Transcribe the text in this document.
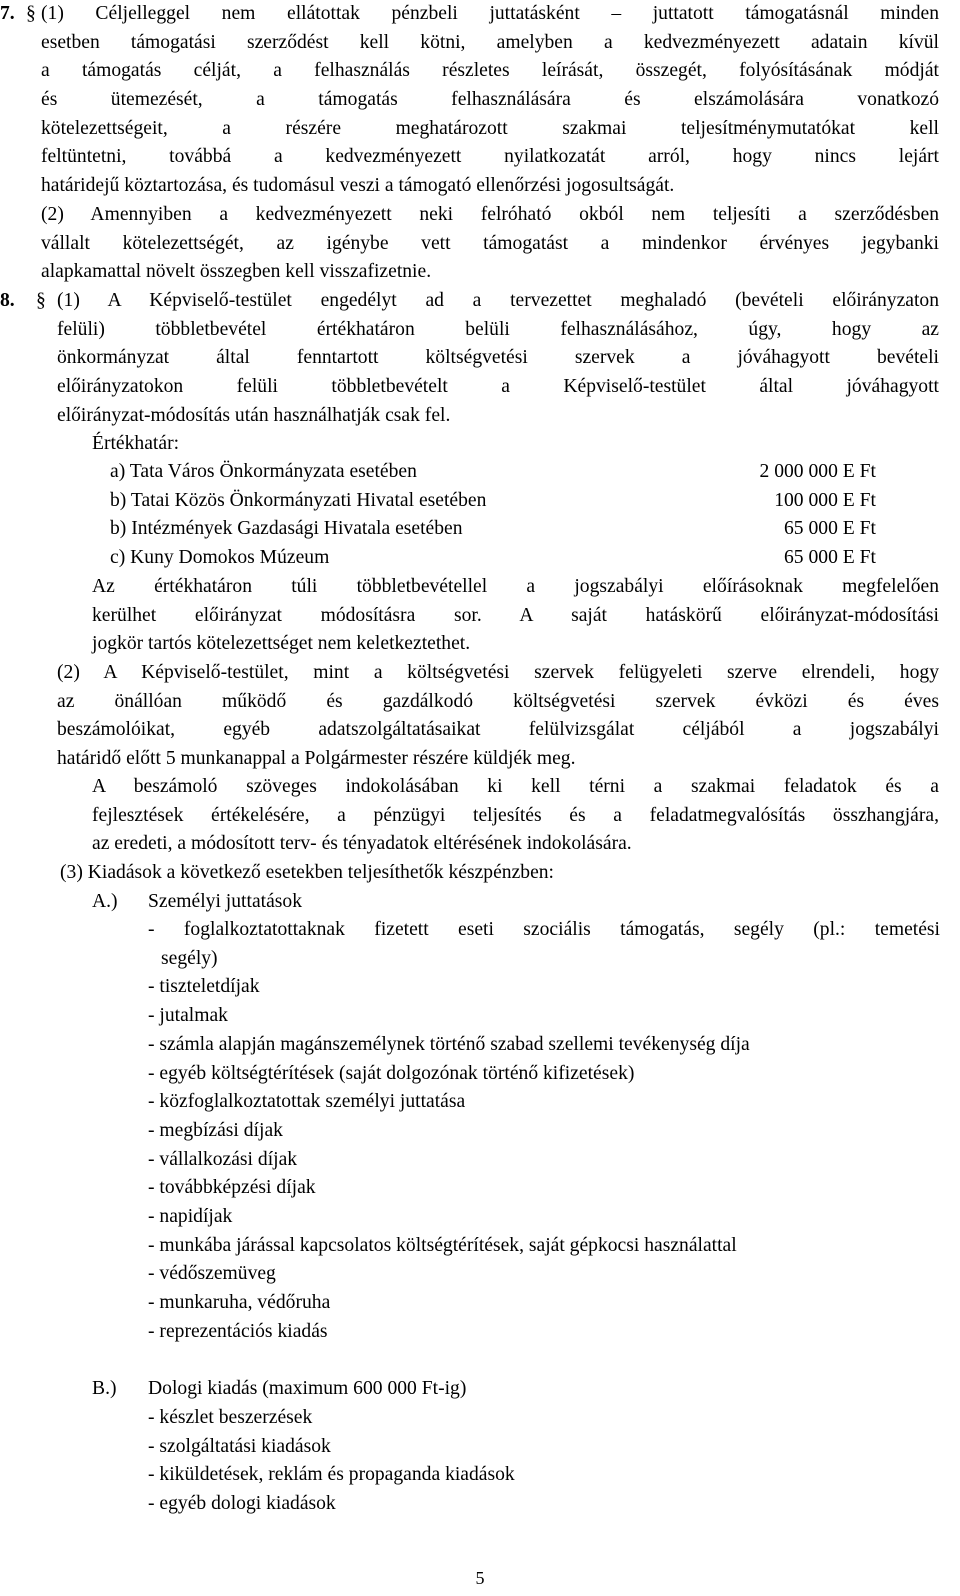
7. § (1) Céljelleggel nem ellátottak pénzbeli juttatásként – juttatott támogatásnál minden
esetben támogatási szerződést kell kötni, amelyben a kedvezményezett adatain kívül
a támogatás célját, a felhasználás részletes leírását, összegét, folyósításának módját
és ütemezését, a támogatás felhasználására és elszámolására vonatkozó
kötelezettségeit, a részére meghatározott szakmai teljesítménymutatókat kell
feltüntetni, továbbá a kedvezményezett nyilatkozatát arról, hogy nincs lejárt
határidejű köztartozása, és tudomásul veszi a támogató ellenőrzési jogosultságát.
(2) Amennyiben a kedvezményezett neki felróható okból nem teljesíti a szerződésben
vállalt kötelezettségét, az igénybe vett támogatást a mindenkor érvényes jegybanki
alapkamattal növelt összegben kell visszafizetnie.
8. § (1) A Képviselő-testület engedélyt ad a tervezettet meghaladó (bevételi előirányzaton
felüli) többletbevétel értékhatáron belüli felhasználásához, úgy, hogy az
önkormányzat által fenntartott költségvetési szervek a jóváhagyott bevételi
előirányzatokon felüli többletbevételt a Képviselő-testület által jóváhagyott
előirányzat-módosítás után használhatják csak fel.
Értékhatár:
a) Tata Város Önkormányzata esetében	2 000 000 E Ft
b) Tatai Közös Önkormányzati Hivatal esetében	100 000 E Ft
b) Intézmények Gazdasági Hivatala esetében	65 000 E Ft
c) Kuny Domokos Múzeum	65 000 E Ft
Az értékhatáron túli többletbevétellel a jogszabályi előírásoknak megfelelően
kerülhet előirányzat módosításra sor. A saját hatáskörű előirányzat-módosítási
jogkör tartós kötelezettséget nem keletkeztethet.
(2) A Képviselő-testület, mint a költségvetési szervek felügyeleti szerve elrendeli, hogy
az önállóan működő és gazdálkodó költségvetési szervek évközi és éves
beszámolóikat, egyéb adatszolgáltatásaikat felülvizsgálat céljából a jogszabályi
határidő előtt 5 munkanappal a Polgármester részére küldjék meg.
A beszámoló szöveges indokolásában ki kell térni a szakmai feladatok és a
fejlesztések értékelésére, a pénzügyi teljesítés és a feladatmegvalósítás összhangjára,
az eredeti, a módosított terv- és tényadatok eltérésének indokolására.
(3) Kiadások a következő esetekben teljesíthetők készpénzben:
A.) Személyi juttatások
- foglalkoztatottaknak fizetett eseti szociális támogatás, segély (pl.: temetési
segély)
- tiszteletdíjak
- jutalmak
- számla alapján magánszemélynek történő szabad szellemi tevékenység díja
- egyéb költségtérítések (saját dolgozónak történő kifizetések)
- közfoglalkoztatottak személyi juttatása
- megbízási díjak
- vállalkozási díjak
- továbbképzési díjak
- napidíjak
- munkába járással kapcsolatos költségtérítések, saját gépkocsi használattal
- védőszemüveg
- munkaruha, védőruha
- reprezentációs kiadás
B.) Dologi kiadás (maximum 600 000 Ft-ig)
- készlet beszerzések
- szolgáltatási kiadások
- kiküldetések, reklám és propaganda kiadások
- egyéb dologi kiadások
5
